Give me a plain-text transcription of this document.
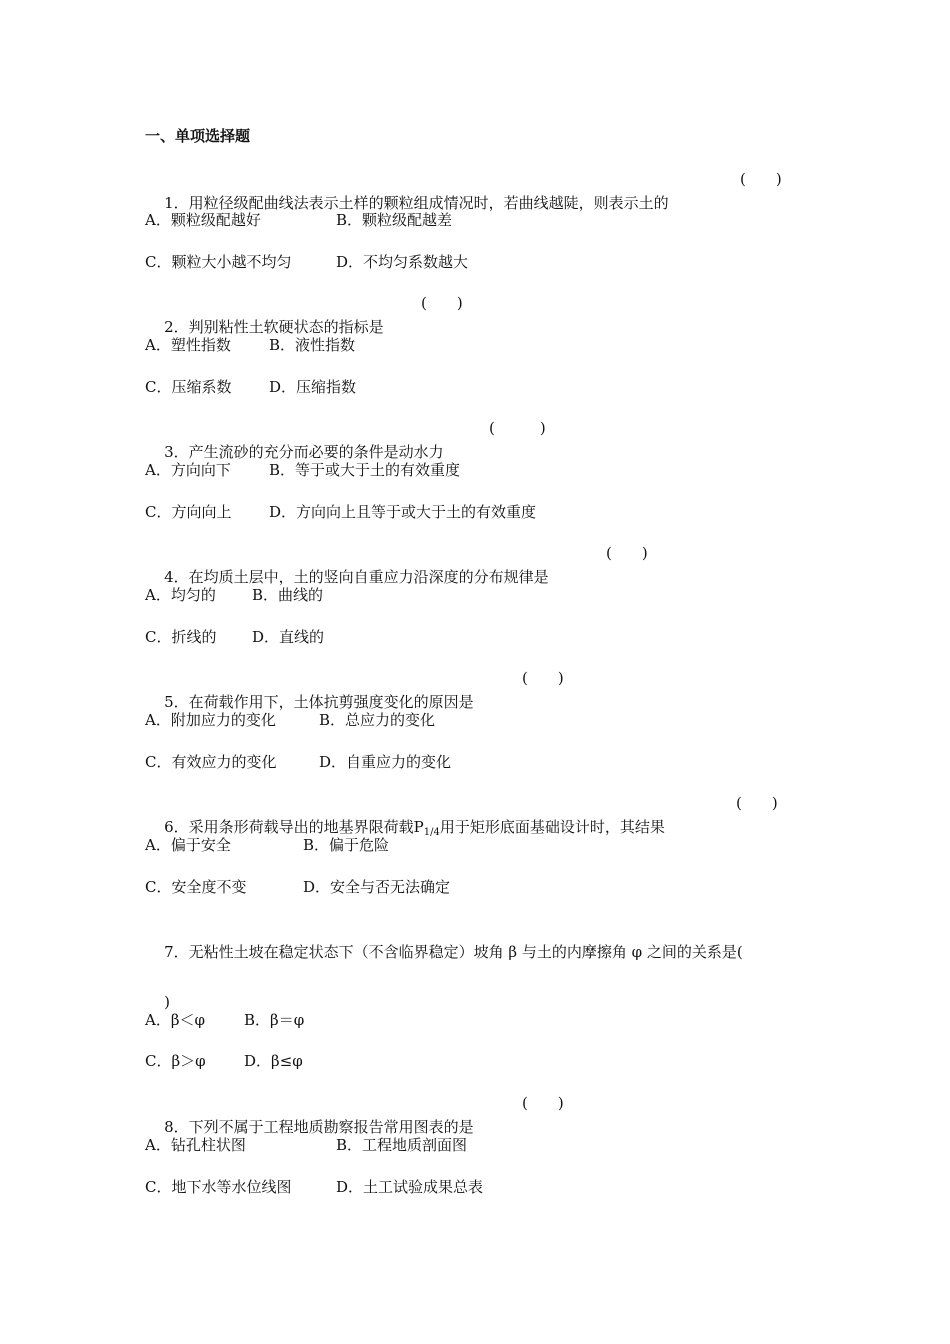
一、单项选择题

1．用粒径级配曲线法表示土样的颗粒组成情况时，若曲线越陡，则表示土的

(　　)

A．颗粒级配越好

	B．颗粒级配越差

C．颗粒大小越不均匀

	D．不均匀系数越大

2．判别粘性土软硬状态的指标是

(　　)

A．塑性指数

	B．液性指数

C．压缩系数

	D．压缩指数

3．产生流砂的充分而必要的条件是动水力

(　　　)

A．方向向下

	B．等于或大于土的有效重度

C．方向向上

	D．方向向上且等于或大于土的有效重度

4．在均质土层中，土的竖向自重应力沿深度的分布规律是

(　　)

A．均匀的

B．曲线的

C．折线的

D．直线的

5．在荷载作用下，土体抗剪强度变化的原因是

(　　)

A．附加应力的变化

	B．总应力的变化

C．有效应力的变化

	D．自重应力的变化

6．采用条形荷载导出的地基界限荷载$P_{1/4}$用于矩形底面基础设计时，其结果

(　　)

A．偏于安全

	B．偏于危险

C．安全度不变

	D．安全与否无法确定

7．无粘性土坡在稳定状态下（不含临界稳定）坡角 β 与土的内摩擦角 φ 之间的关系是(

)

A．β＜φ

	B．β＝φ

C．β＞φ

	D．β≤φ

8．下列不属于工程地质勘察报告常用图表的是

(　　)

A．钻孔柱状图

	B．工程地质剖面图

C．地下水等水位线图

	D．土工试验成果总表
